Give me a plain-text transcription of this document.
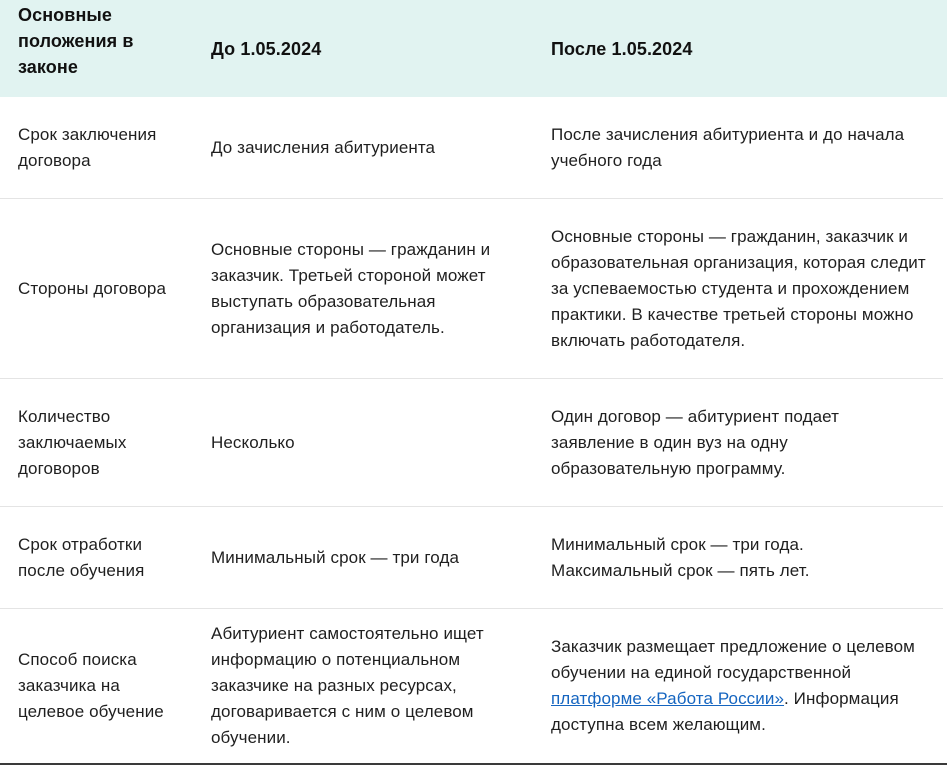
Основные положения в законе
До 1.05.2024	После 1.05.2024
Срок заключения договора
До зачисления абитуриента
После зачисления абитуриента и до начала учебного года
Стороны договора
Основные стороны — гражданин и заказчик. Третьей стороной может выступать образовательная организация и работодатель.
Основные стороны — гражданин, заказчик и образовательная организация, которая следит за успеваемостью студента и прохождением практики. В качестве третьей стороны можно включать работодателя.
Количество заключаемых договоров
Несколько
Один договор — абитуриент подает заявление в один вуз на одну образовательную программу.
Срок отработки после обучения
Минимальный срок — три года
Минимальный срок — три года. Максимальный срок — пять лет.
Способ поиска заказчика на целевое обучение
Абитуриент самостоятельно ищет информацию о потенциальном заказчике на разных ресурсах, договаривается с ним о целевом обучении.
Заказчик размещает предложение о целевом обучении на единой государственной платформе «Работа России». Информация доступна всем желающим.
